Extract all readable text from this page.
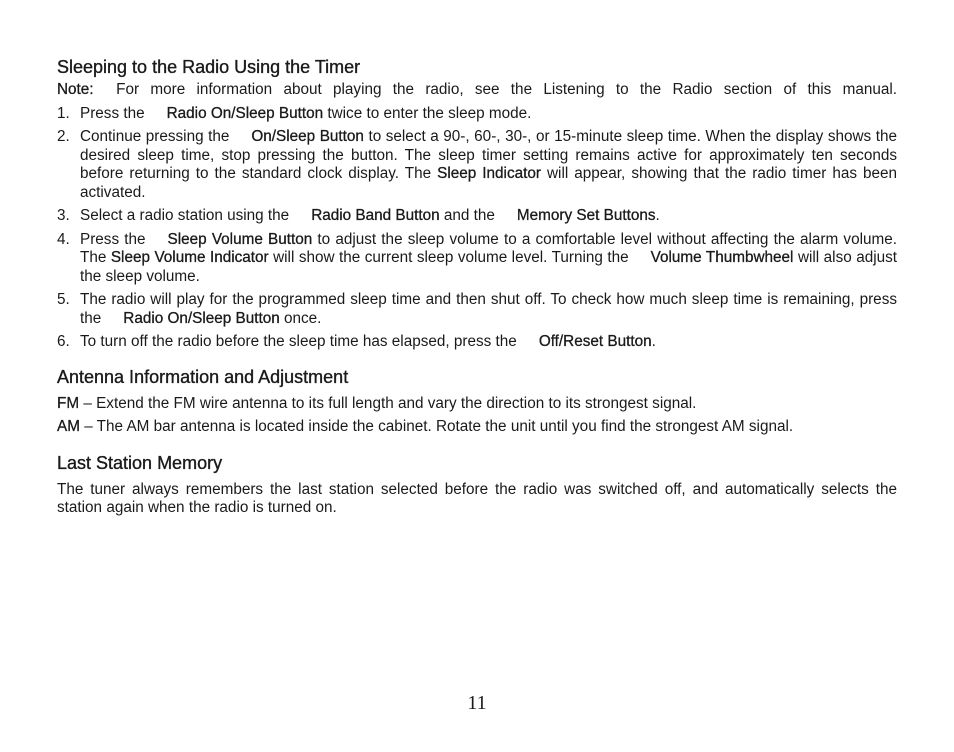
Sleeping to the Radio Using the Timer

Note: For more information about playing the radio, see the Listening to the Radio section of this manual.

1. Press the Radio On/Sleep Button twice to enter the sleep mode.
2. Continue pressing the On/Sleep Button to select a 90-, 60-, 30-, or 15-minute sleep time. When the display shows the desired sleep time, stop pressing the button. The sleep timer setting remains active for approximately ten seconds before returning to the standard clock display. The Sleep Indicator will appear, showing that the radio timer has been activated.
3. Select a radio station using the Radio Band Button and the Memory Set Buttons.
4. Press the Sleep Volume Button to adjust the sleep volume to a comfortable level without affecting the alarm volume. The Sleep Volume Indicator will show the current sleep volume level. Turning the Volume Thumbwheel will also adjust the sleep volume.
5. The radio will play for the programmed sleep time and then shut off. To check how much sleep time is remaining, press the Radio On/Sleep Button once.
6. To turn off the radio before the sleep time has elapsed, press the Off/Reset Button.
Antenna Information and Adjustment

FM – Extend the FM wire antenna to its full length and vary the direction to its strongest signal.

AM – The AM bar antenna is located inside the cabinet. Rotate the unit until you find the strongest AM signal.

Last Station Memory

The tuner always remembers the last station selected before the radio was switched off, and automatically selects the station again when the radio is turned on.

11
